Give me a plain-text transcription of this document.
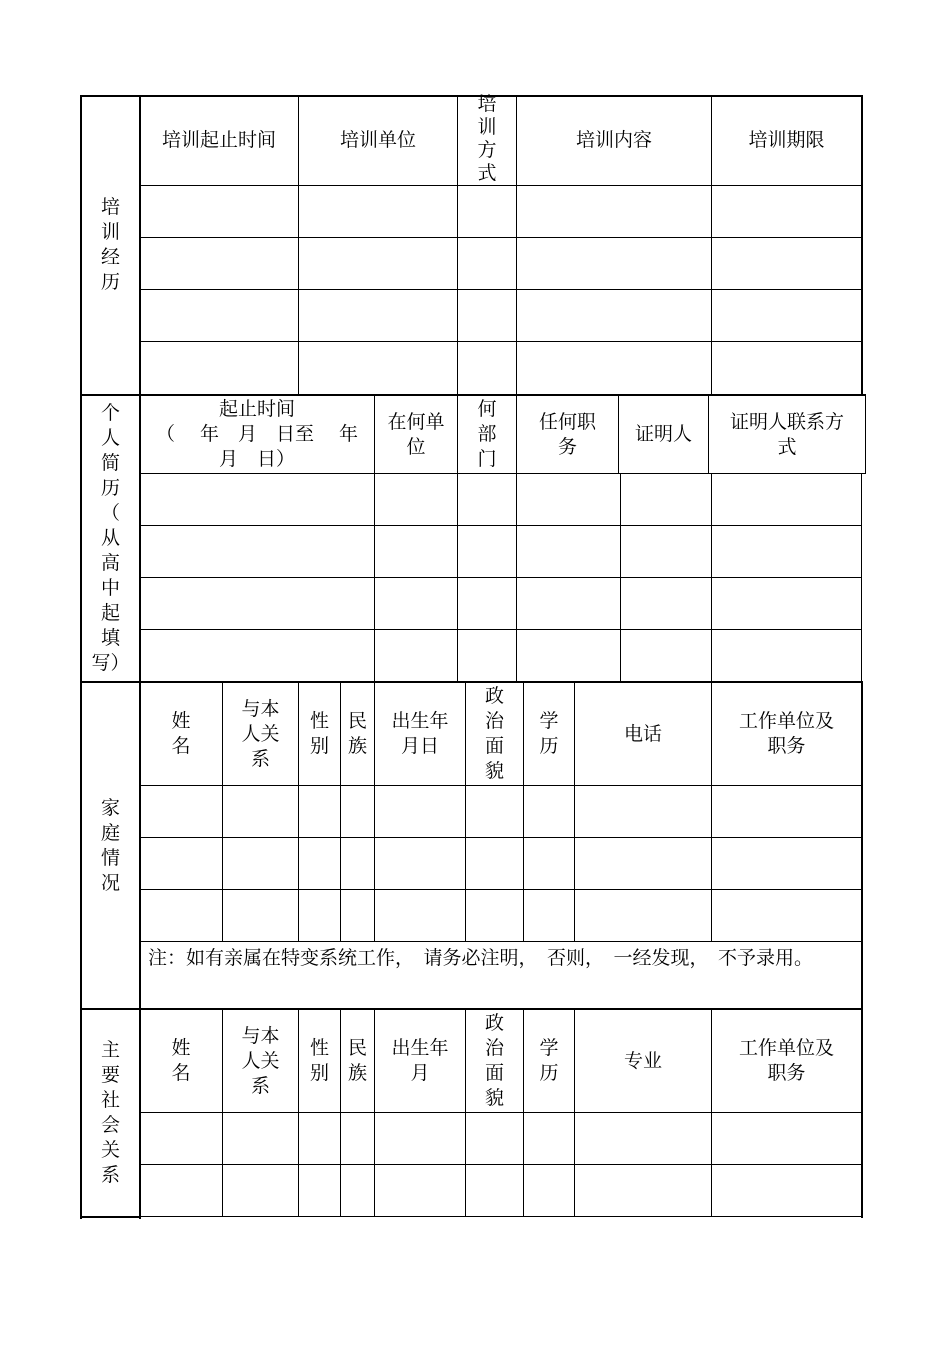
培
训
经
历
培训起止时间	培训单位
培
训
方
式
培训内容	培训期限
个
人
简
历
（
从
高
中
起
填
写）
起止时间
（　 年　月　日至　 年
月　日）
在何单
位
何
部
门
任何职
务
证明人
证明人联系方
式
家
庭
情
况
姓
名
与本
人关
系
性
别
民
族
出生年
月日
政
治
面
貌
学
历
电话
工作单位及
职务
注：如有亲属在特变系统工作，　请务必注明，　否则，　一经发现，　不予录用。
主
要
社
会
关
系
姓
名
与本
人关
系
性
别
民
族
出生年
月
政
治
面
貌
学
历
专业
工作单位及
职务
